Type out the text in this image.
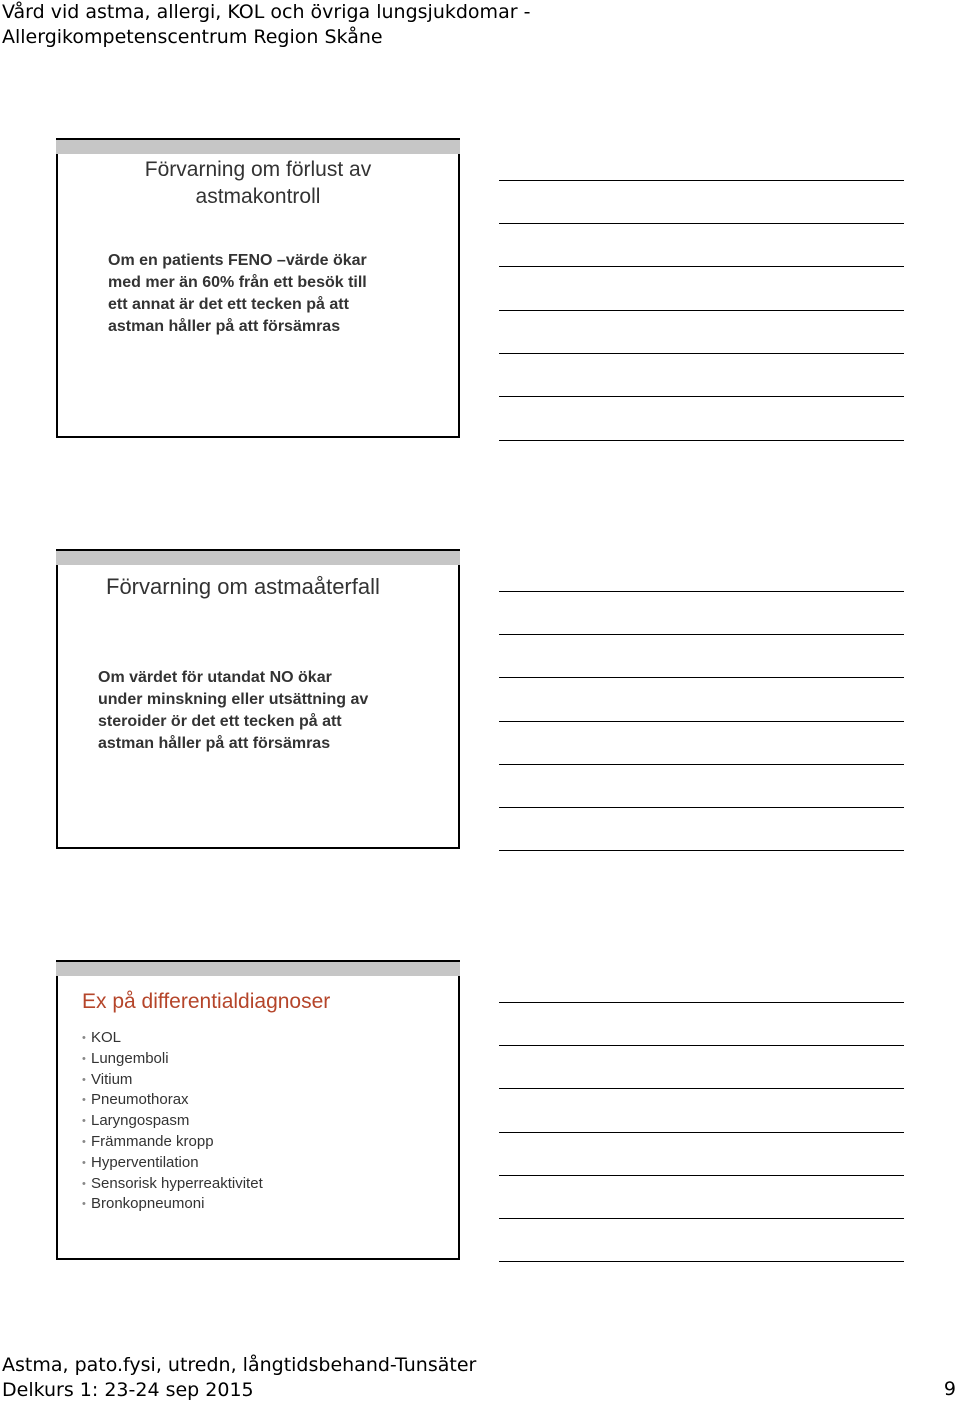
Vård vid astma, allergi, KOL och övriga lungsjukdomar -
Allergikompetenscentrum Region Skåne
Förvarning om förlust av
astmakontroll
Om en patients FENO –värde ökar
med mer än 60% från ett besök till
ett annat är det ett tecken på att
astman håller på att försämras
Förvarning om astmaåterfall
Om värdet för utandat NO ökar
under minskning eller utsättning av
steroider ör det ett tecken på att
astman håller på att försämras
Ex på differentialdiagnoser
• KOL
• Lungemboli
• Vitium
• Pneumothorax
• Laryngospasm
• Främmande kropp
• Hyperventilation
• Sensorisk hyperreaktivitet
• Bronkopneumoni
Astma, pato.fysi, utredn, långtidsbehand-Tunsäter
Delkurs 1: 23-24 sep 2015	9
